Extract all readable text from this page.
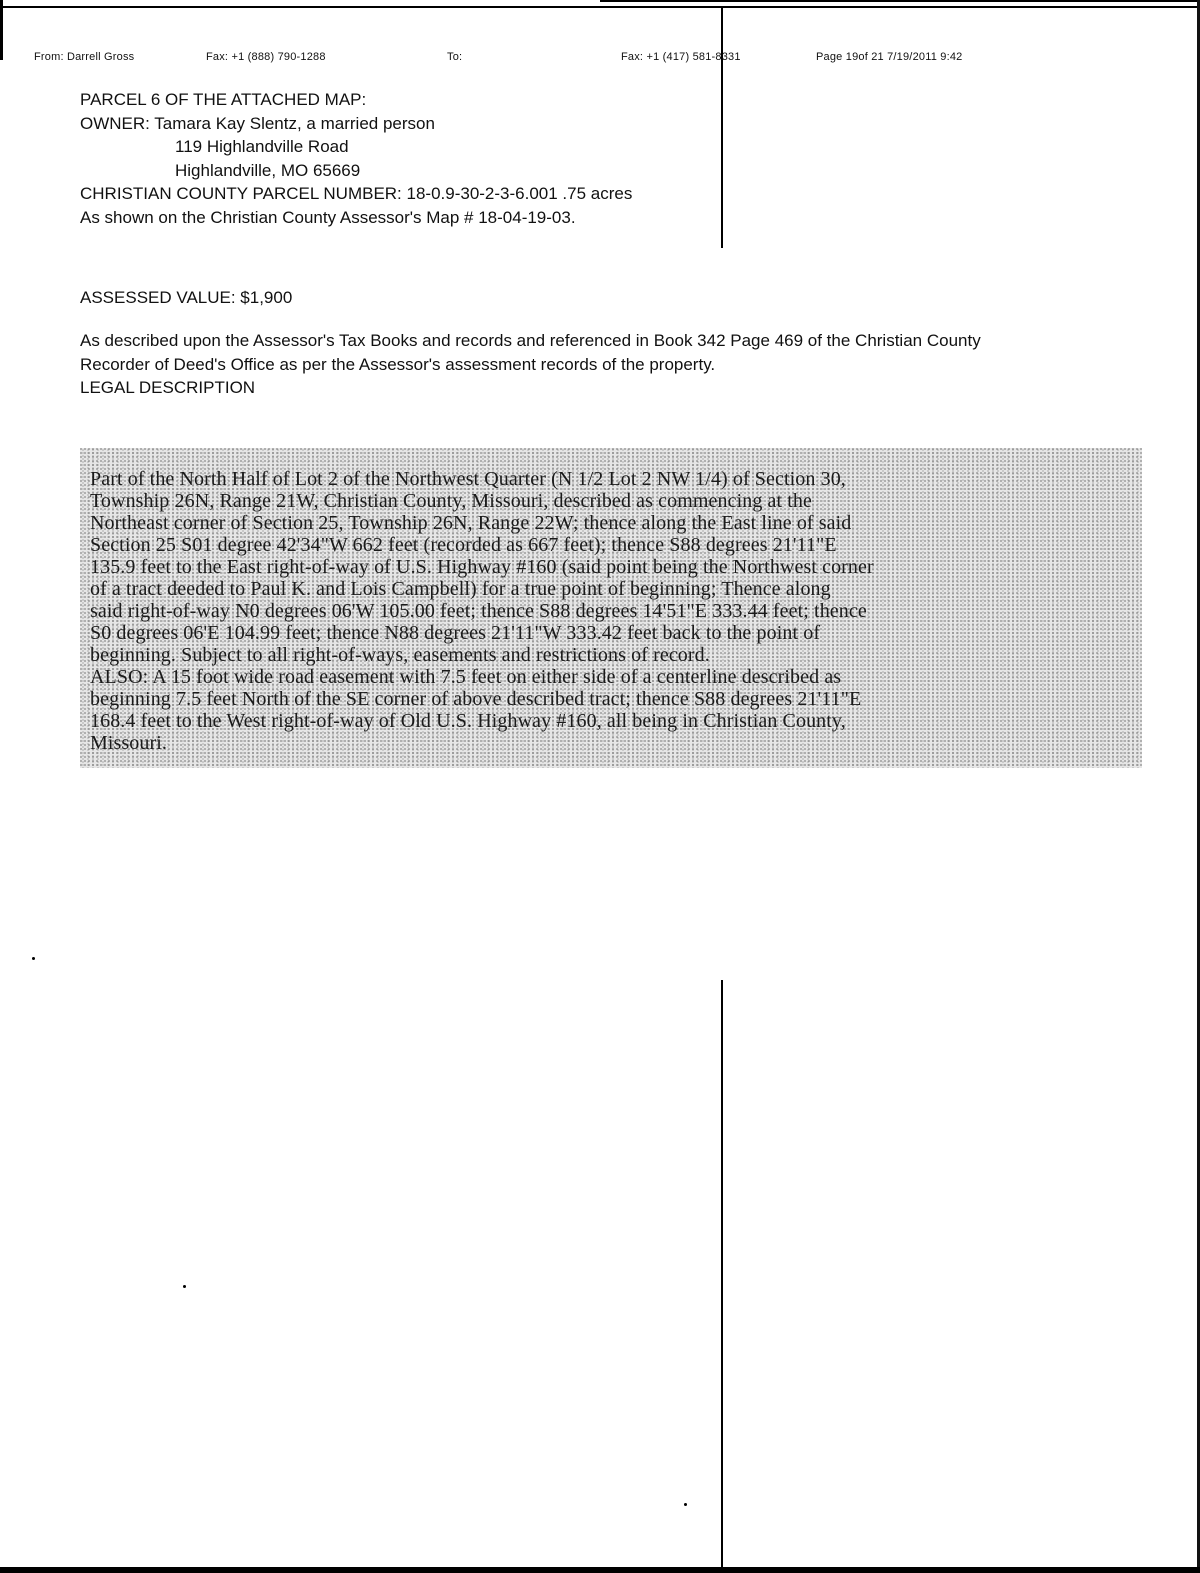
From: Darrell Gross	Fax: +1 (888) 790-1288	To:	Fax: +1 (417) 581-8331	Page 19of 21 7/19/2011 9:42
PARCEL 6 OF THE ATTACHED MAP:
OWNER: Tamara Kay Slentz, a married person
119 Highlandville Road
Highlandville, MO 65669
CHRISTIAN COUNTY PARCEL NUMBER: 18-0.9-30-2-3-6.001 .75 acres
As shown on the Christian County Assessor's Map # 18-04-19-03.
ASSESSED VALUE: $1,900
As described upon the Assessor's Tax Books and records and referenced in Book 342 Page 469 of the Christian County
Recorder of Deed's Office as per the Assessor's assessment records of the property.
LEGAL DESCRIPTION
Part of the North Half of Lot 2 of the Northwest Quarter (N 1/2 Lot 2 NW 1/4) of Section 30,
Township 26N, Range 21W, Christian County, Missouri, described as commencing at the
Northeast corner of Section 25, Township 26N, Range 22W; thence along the East line of said
Section 25 S01 degree 42'34"W 662 feet (recorded as 667 feet); thence S88 degrees 21'11"E
135.9 feet to the East right-of-way of U.S. Highway #160 (said point being the Northwest corner
of a tract deeded to Paul K. and Lois Campbell) for a true point of beginning; Thence along
said right-of-way N0 degrees 06'W 105.00 feet; thence S88 degrees 14'51"E 333.44 feet; thence
S0 degrees 06'E 104.99 feet; thence N88 degrees 21'11"W 333.42 feet back to the point of
beginning. Subject to all right-of-ways, easements and restrictions of record.
ALSO: A 15 foot wide road easement with 7.5 feet on either side of a centerline described as
beginning 7.5 feet North of the SE corner of above described tract; thence S88 degrees 21'11"E
168.4 feet to the West right-of-way of Old U.S. Highway #160, all being in Christian County,
Missouri.
